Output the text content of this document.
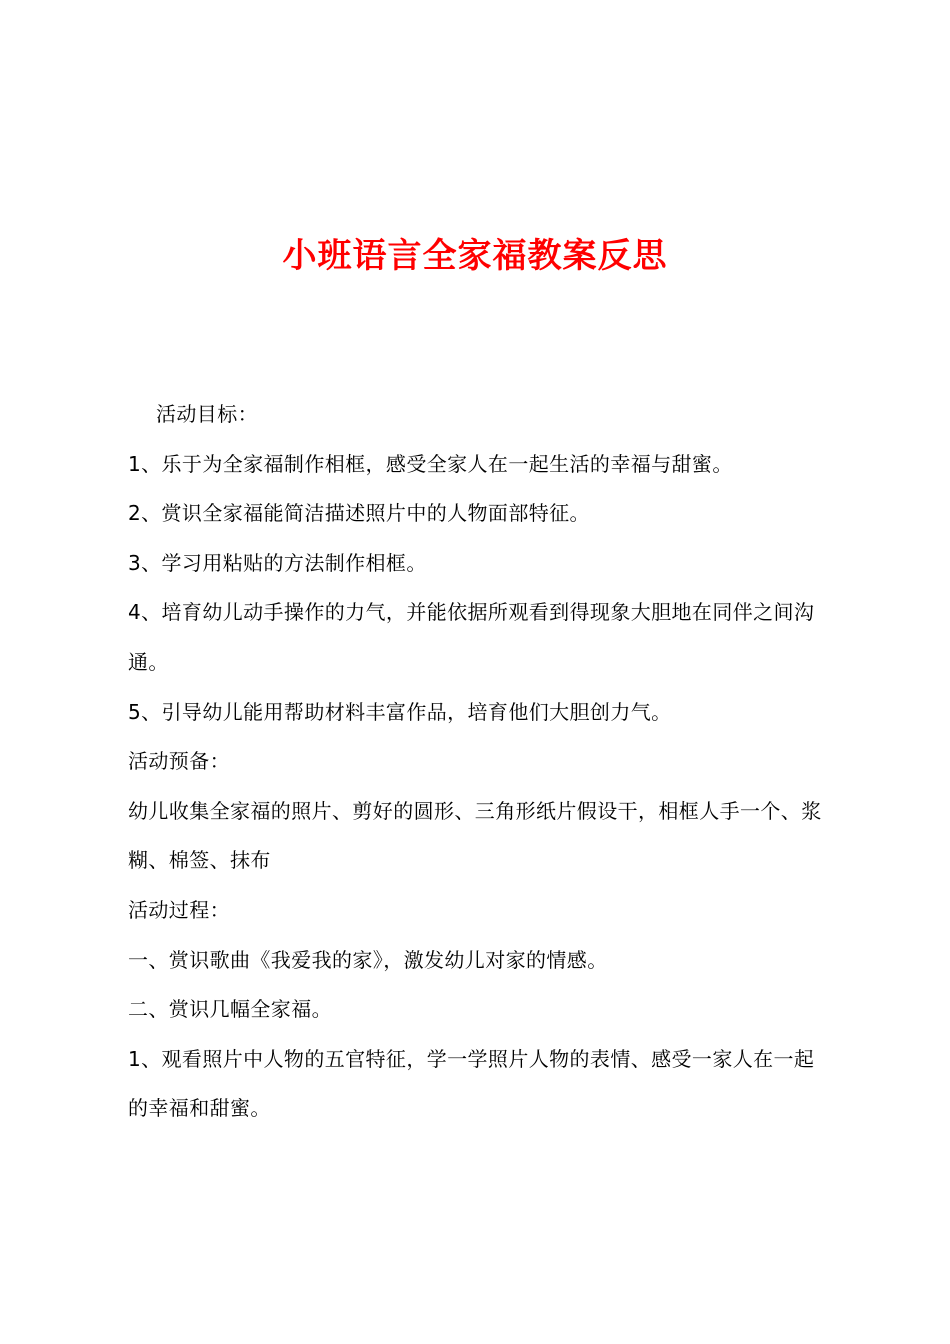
小班语言全家福教案反思

活动目标：

1、乐于为全家福制作相框，感受全家人在一起生活的幸福与甜蜜。

2、赏识全家福能简洁描述照片中的人物面部特征。

3、学习用粘贴的方法制作相框。

4、培育幼儿动手操作的力气，并能依据所观看到得现象大胆地在同伴之间沟通。

5、引导幼儿能用帮助材料丰富作品，培育他们大胆创力气。

活动预备：

幼儿收集全家福的照片、剪好的圆形、三角形纸片假设干，相框人手一个、浆糊、棉签、抹布

活动过程：

一、赏识歌曲《我爱我的家》，激发幼儿对家的情感。

二、赏识几幅全家福。

1、观看照片中人物的五官特征，学一学照片人物的表情、感受一家人在一起的幸福和甜蜜。
